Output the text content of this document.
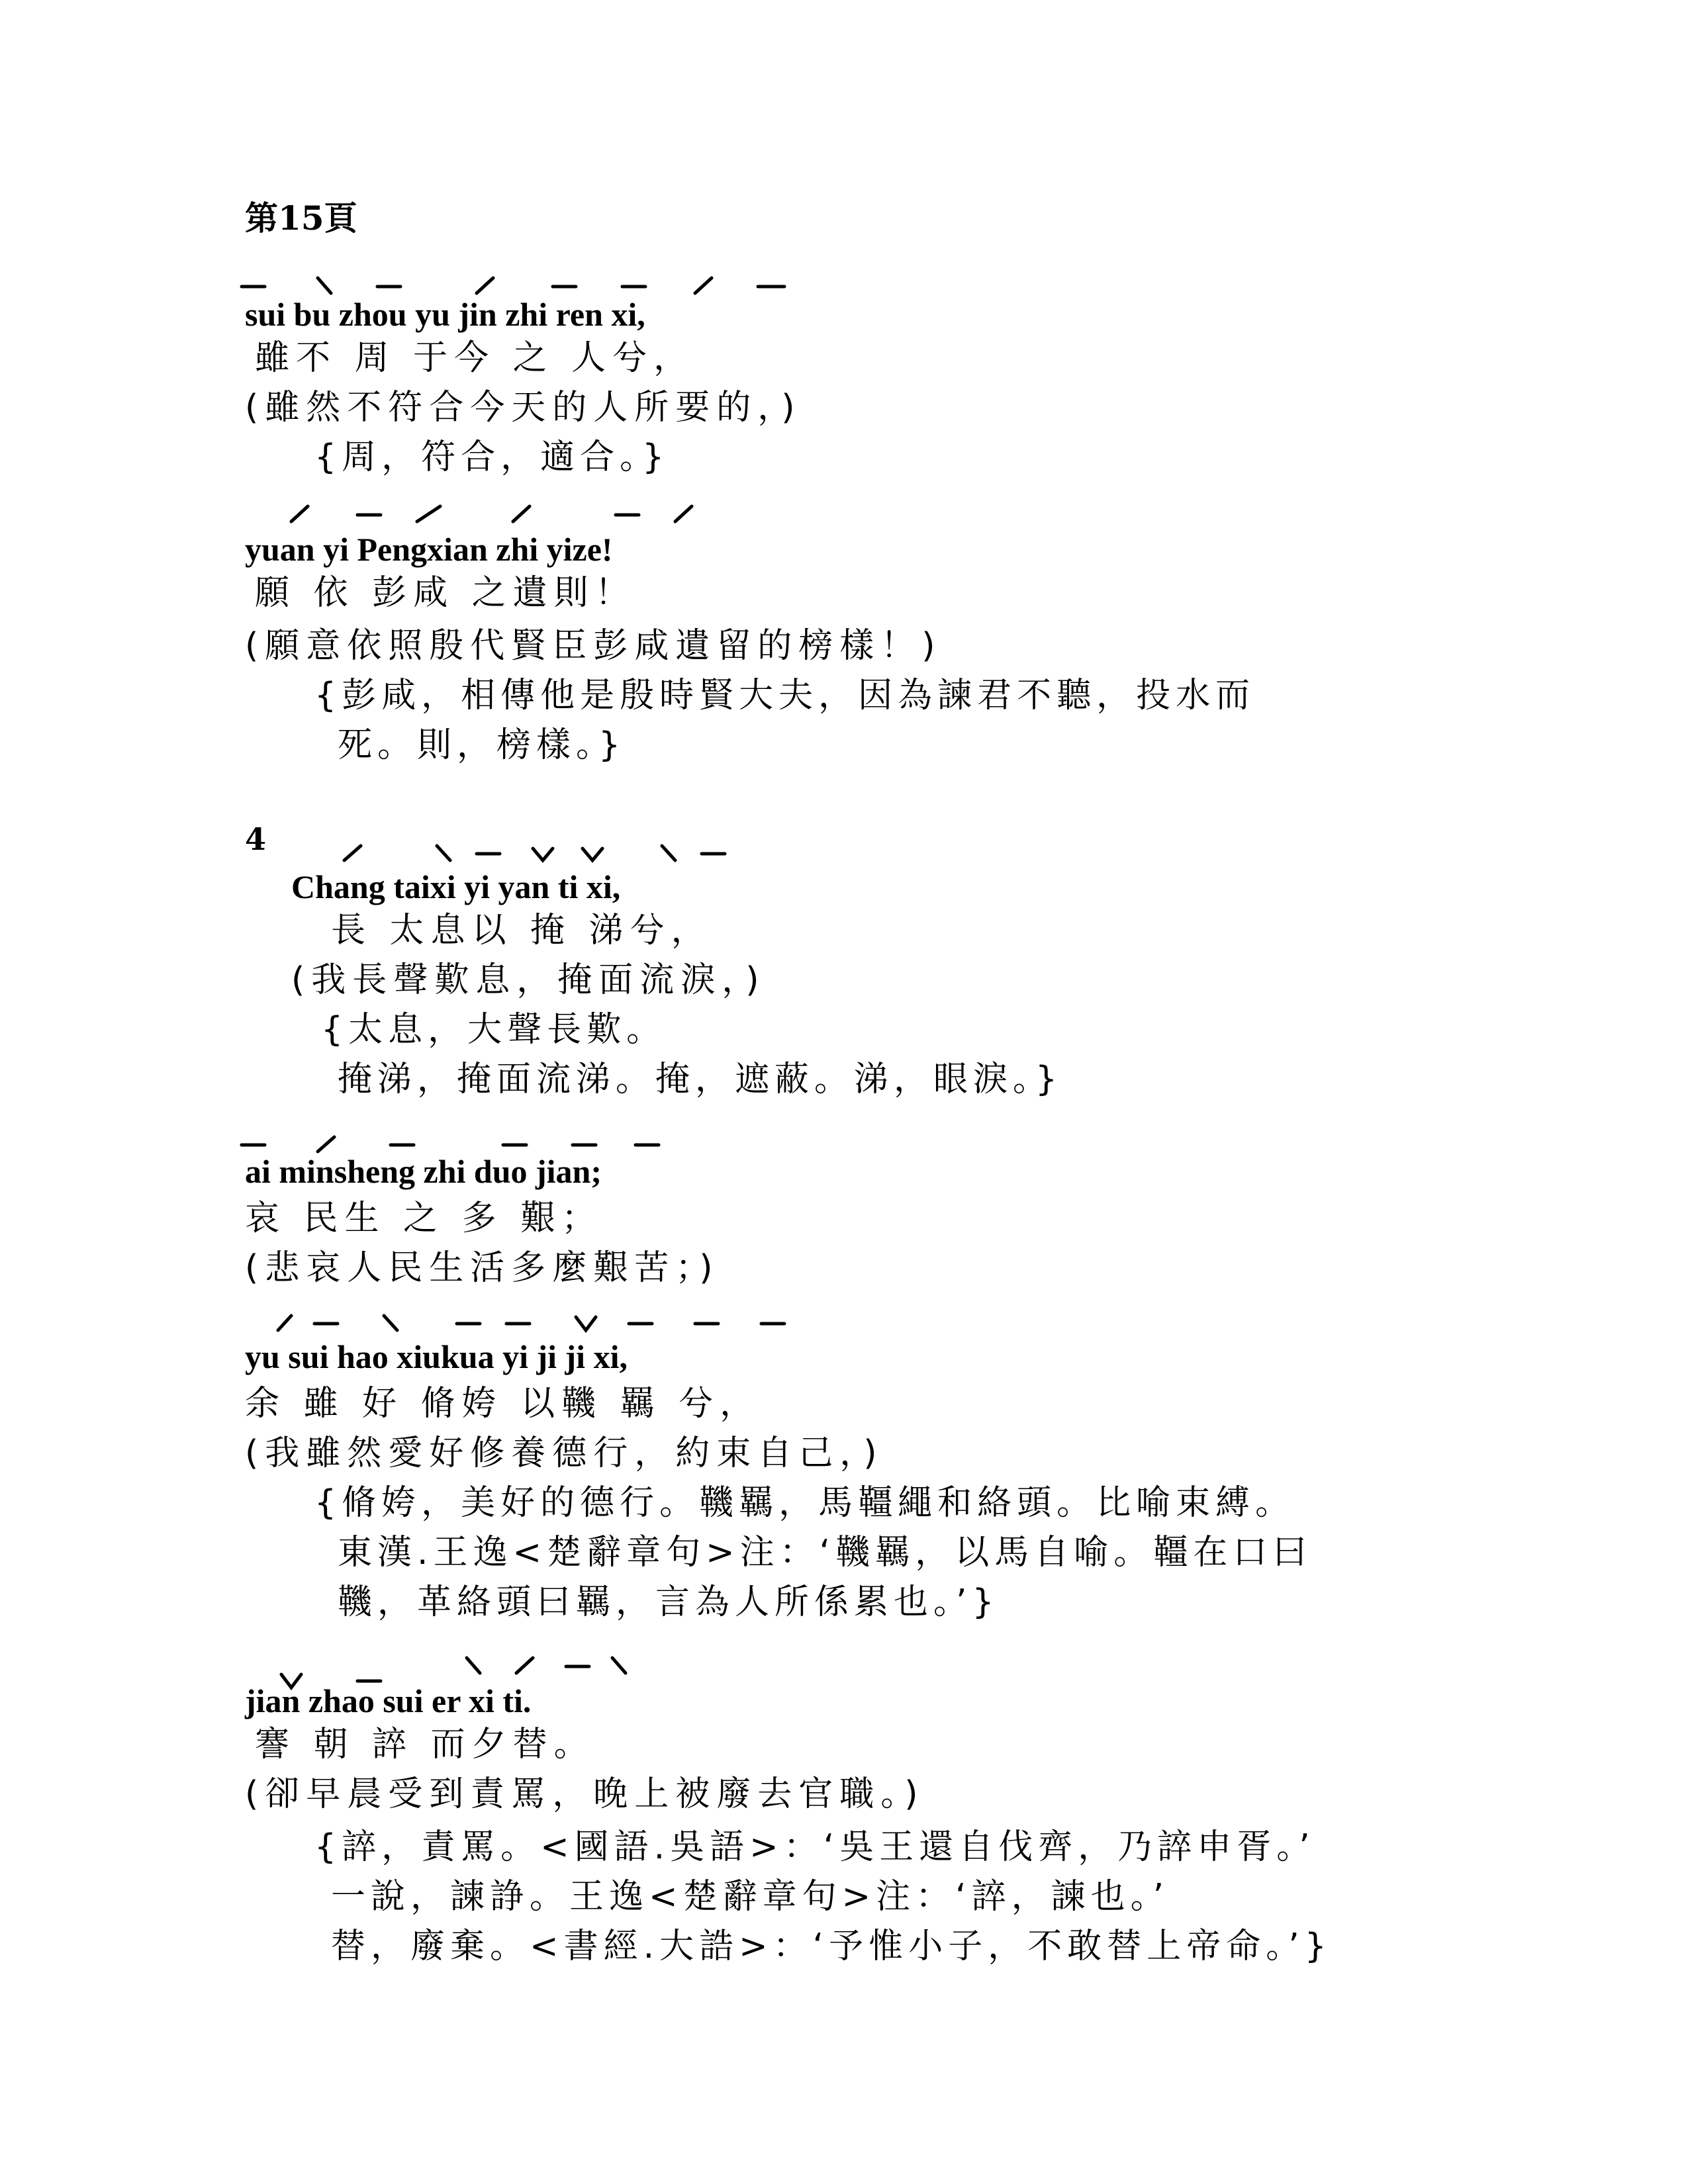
第15頁
sui bu zhou yu jin zhi ren xi,
雖不 周 于今 之 人兮，
(雖然不符合今天的人所要的，)
{周，符合，適合。}
yuan yi Pengxian zhi yize!
願 依 彭咸 之遺則！
(願意依照殷代賢臣彭咸遺留的榜樣！)
{彭咸，相傳他是殷時賢大夫，因為諫君不聽，投水而
死。則，榜樣。}
4
Chang taixi yi yan ti xi,
長 太息以 掩 涕兮，
(我長聲歎息，掩面流淚，)
{太息，大聲長歎。
掩涕，掩面流涕。掩，遮蔽。涕，眼淚。}
ai minsheng zhi duo jian;
哀 民生 之 多 艱；
(悲哀人民生活多麼艱苦；)
yu sui hao xiukua yi ji ji xi,
余 雖 好 脩姱 以鞿 羈 兮，
(我雖然愛好修養德行，約束自己，)
{脩姱，美好的德行。鞿羈，馬韁繩和絡頭。比喻束縛。
東漢.王逸<楚辭章句>注：‘鞿羈，以馬自喻。韁在口曰
鞿，革絡頭曰羈，言為人所係累也。’}
jian zhao sui er xi ti.
謇 朝 誶 而夕替。
(卻早晨受到責罵，晚上被廢去官職。)
{誶，責罵。<國語.吳語>：‘吳王還自伐齊，乃誶申胥。’
一說，諫諍。王逸<楚辭章句>注：‘誶，諫也。’
替，廢棄。<書經.大誥>：‘予惟小子，不敢替上帝命。’}
